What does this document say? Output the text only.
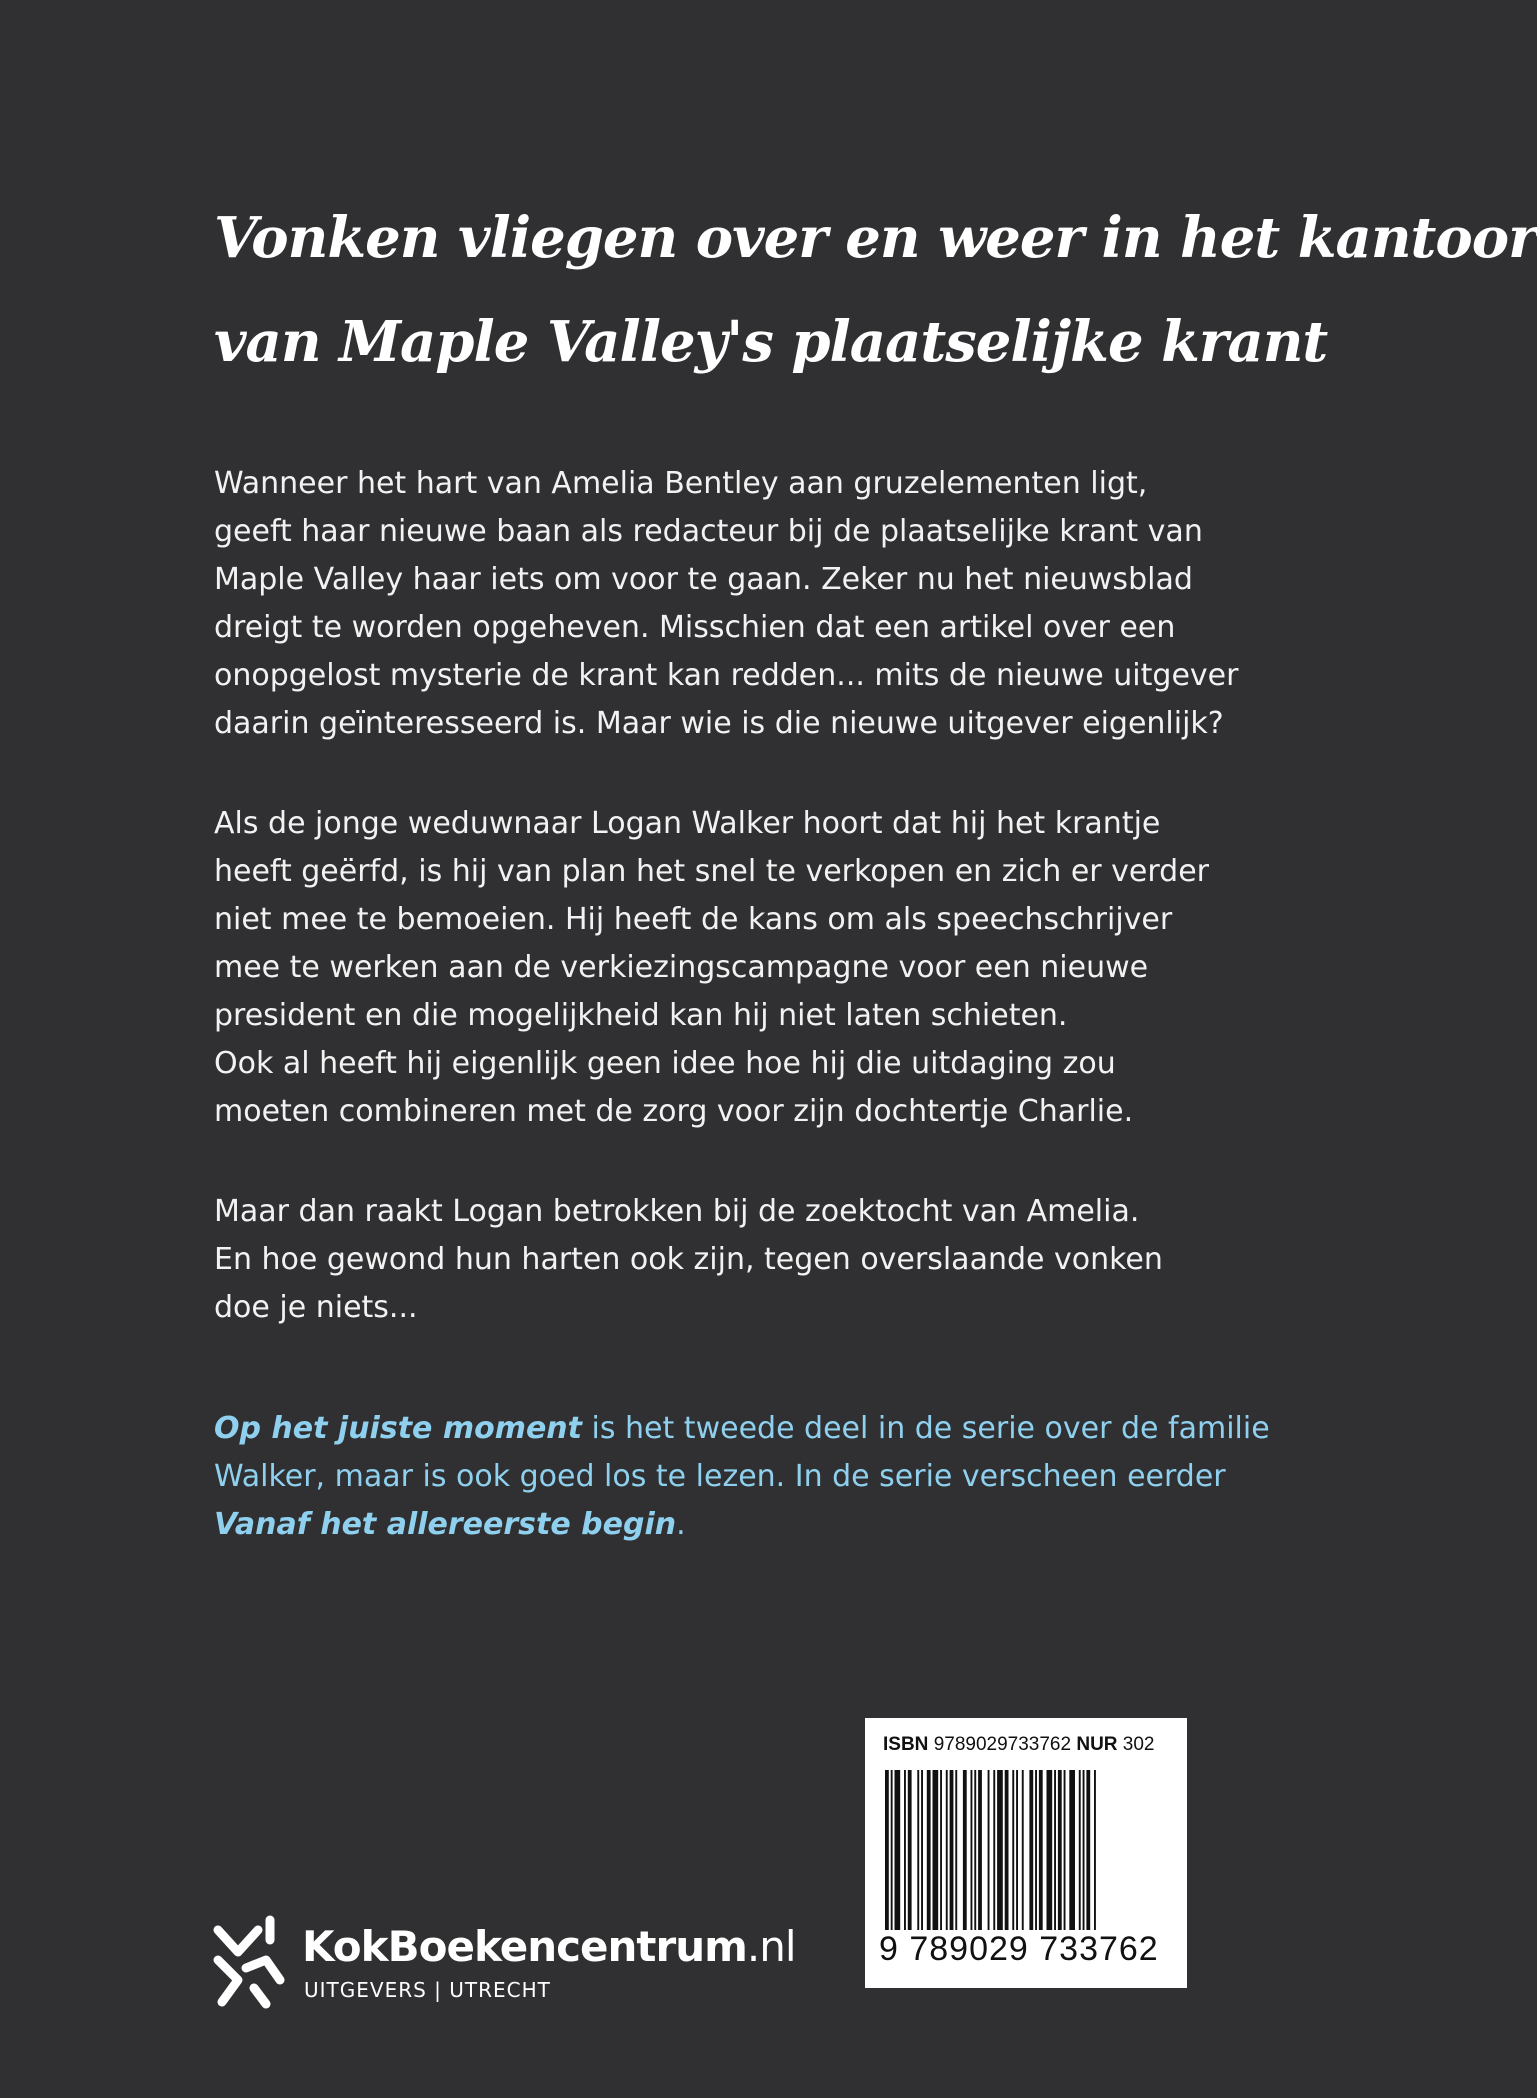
Vonken vliegen over en weer in het kantoor
van Maple Valley's plaatselijke krant

Wanneer het hart van Amelia Bentley aan gruzelementen ligt,
geeft haar nieuwe baan als redacteur bij de plaatselijke krant van
Maple Valley haar iets om voor te gaan. Zeker nu het nieuwsblad
dreigt te worden opgeheven. Misschien dat een artikel over een
onopgelost mysterie de krant kan redden... mits de nieuwe uitgever
daarin geïnteresseerd is. Maar wie is die nieuwe uitgever eigenlijk?

Als de jonge weduwnaar Logan Walker hoort dat hij het krantje
heeft geërfd, is hij van plan het snel te verkopen en zich er verder
niet mee te bemoeien. Hij heeft de kans om als speechschrijver
mee te werken aan de verkiezingscampagne voor een nieuwe
president en die mogelijkheid kan hij niet laten schieten.
Ook al heeft hij eigenlijk geen idee hoe hij die uitdaging zou
moeten combineren met de zorg voor zijn dochtertje Charlie.

Maar dan raakt Logan betrokken bij de zoektocht van Amelia.
En hoe gewond hun harten ook zijn, tegen overslaande vonken
doe je niets...

Op het juiste moment is het tweede deel in de serie over de familie
Walker, maar is ook goed los te lezen. In de serie verscheen eerder
Vanaf het allereerste begin.

KokBoekencentrum.nl
UITGEVERS | UTRECHT
ISBN 9789029733762 NUR 302
9 789029 733762
